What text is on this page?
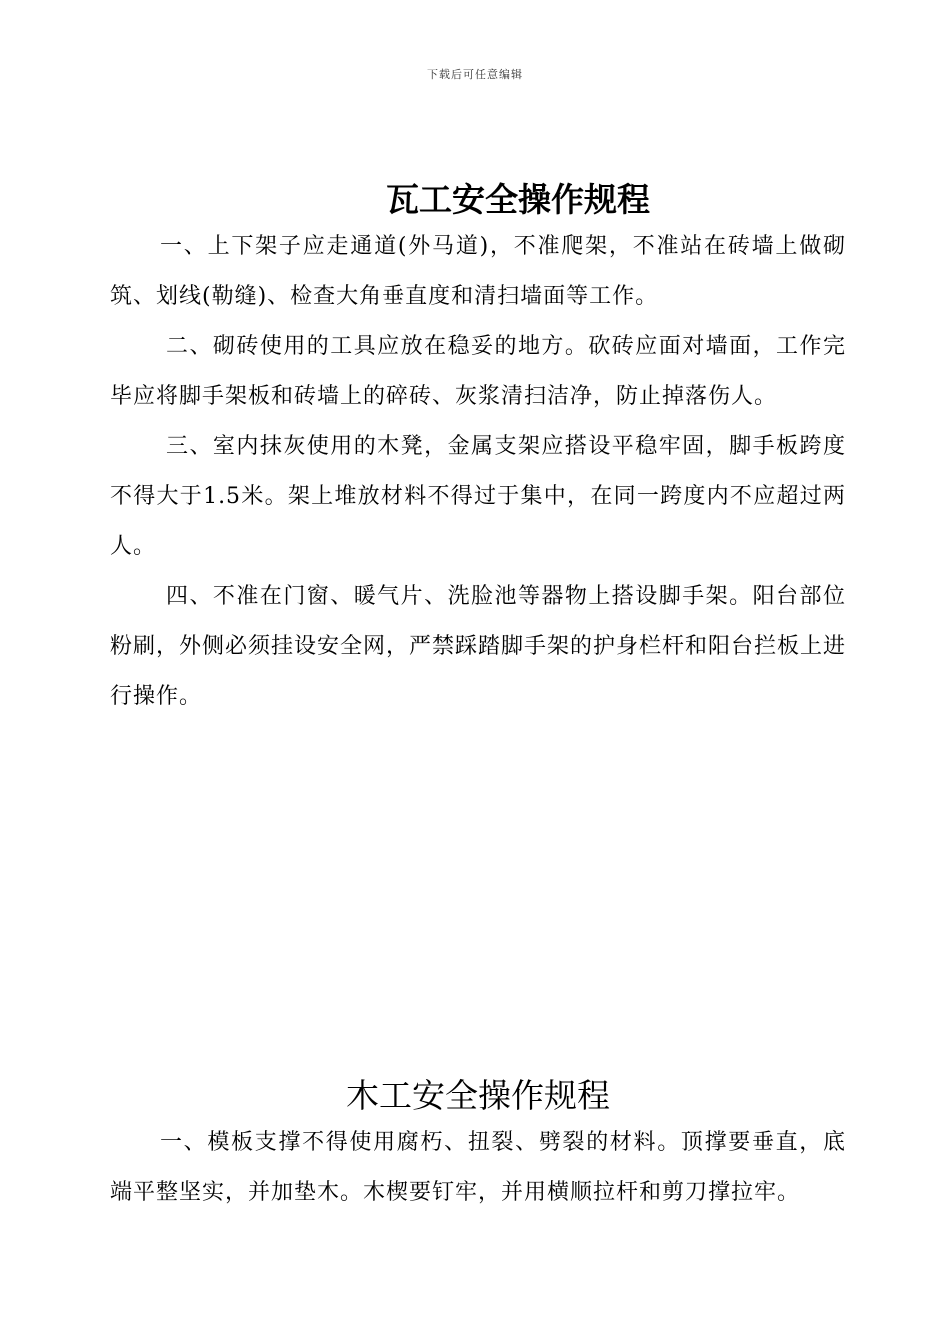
下载后可任意编辑
瓦工安全操作规程

一、上下架子应走通道(外马道)，不准爬架，不准站在砖墙上做砌筑、划线(勒缝)、检查大角垂直度和清扫墙面等工作。

二、砌砖使用的工具应放在稳妥的地方。砍砖应面对墙面，工作完毕应将脚手架板和砖墙上的碎砖、灰浆清扫洁净，防止掉落伤人。

三、室内抹灰使用的木凳，金属支架应搭设平稳牢固，脚手板跨度不得大于1.5米。架上堆放材料不得过于集中，在同一跨度内不应超过两人。

四、不准在门窗、暖气片、洗脸池等器物上搭设脚手架。阳台部位粉刷，外侧必须挂设安全网，严禁踩踏脚手架的护身栏杆和阳台拦板上进行操作。

木工安全操作规程

一、模板支撑不得使用腐朽、扭裂、劈裂的材料。顶撑要垂直，底端平整坚实，并加垫木。木楔要钉牢，并用横顺拉杆和剪刀撑拉牢。
